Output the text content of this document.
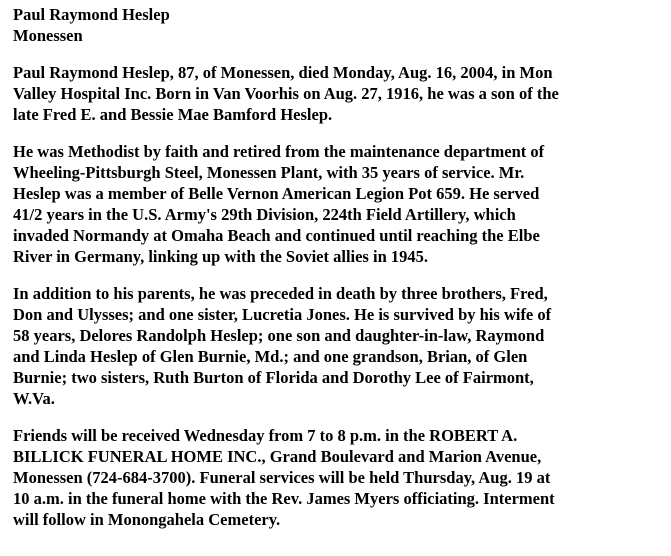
Paul Raymond Heslep
Monessen
Paul Raymond Heslep, 87, of Monessen, died Monday, Aug. 16, 2004, in Mon
Valley Hospital Inc. Born in Van Voorhis on Aug. 27, 1916, he was a son of the
late Fred E. and Bessie Mae Bamford Heslep.
He was Methodist by faith and retired from the maintenance department of
Wheeling-Pittsburgh Steel, Monessen Plant, with 35 years of service. Mr.
Heslep was a member of Belle Vernon American Legion Pot 659. He served
41/2 years in the U.S. Army's 29th Division, 224th Field Artillery, which
invaded Normandy at Omaha Beach and continued until reaching the Elbe
River in Germany, linking up with the Soviet allies in 1945.
In addition to his parents, he was preceded in death by three brothers, Fred,
Don and Ulysses; and one sister, Lucretia Jones. He is survived by his wife of
58 years, Delores Randolph Heslep; one son and daughter-in-law, Raymond
and Linda Heslep of Glen Burnie, Md.; and one grandson, Brian, of Glen
Burnie; two sisters, Ruth Burton of Florida and Dorothy Lee of Fairmont,
W.Va.
Friends will be received Wednesday from 7 to 8 p.m. in the ROBERT A.
BILLICK FUNERAL HOME INC., Grand Boulevard and Marion Avenue,
Monessen (724-684-3700). Funeral services will be held Thursday, Aug. 19 at
10 a.m. in the funeral home with the Rev. James Myers officiating. Interment
will follow in Monongahela Cemetery.
